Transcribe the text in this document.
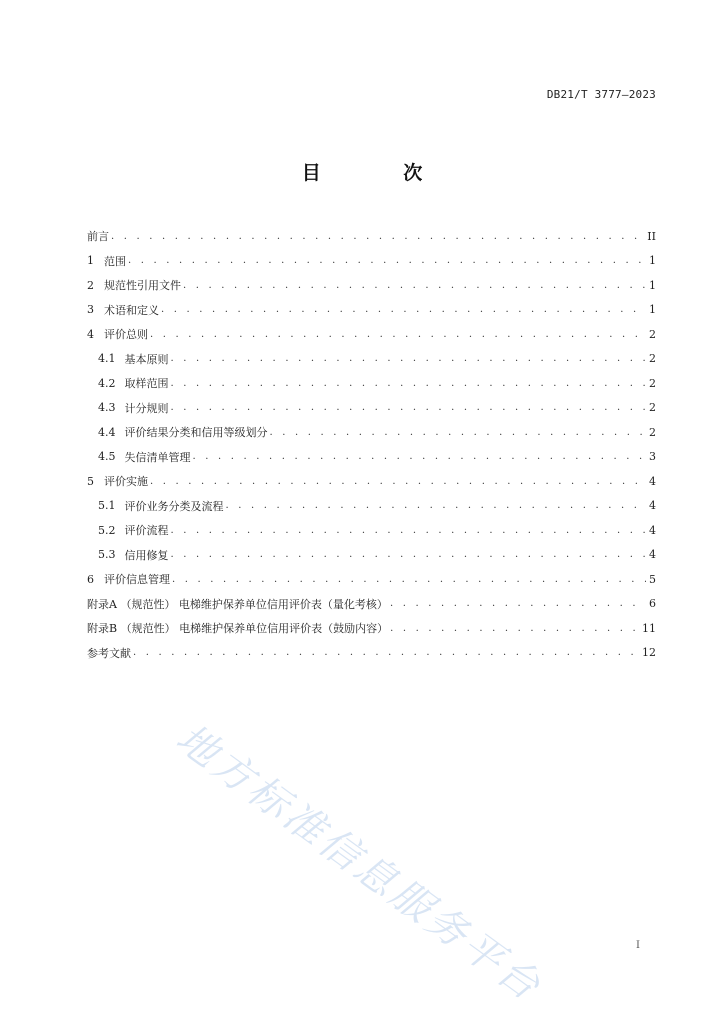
DB21/T 3777—2023
目 次
前言 . . .	II
1 范围 . . .	1
2 规范性引用文件 . . .	1
3 术语和定义 . . .	1
4 评价总则 . . .	2
4.1 基本原则 . . .	2
4.2 取样范围 . . .	2
4.3 计分规则 . . .	2
4.4 评价结果分类和信用等级划分 . . .	2
4.5 失信清单管理 . . .	3
5 评价实施 . . .	4
5.1 评价业务分类及流程 . . .	4
5.2 评价流程 . . .	4
5.3 信用修复 . . .	4
6 评价信息管理 . . .	5
附录A （规范性） 电梯维护保养单位信用评价表（量化考核） . . .	6
附录B （规范性） 电梯维护保养单位信用评价表（鼓励内容） . . .	11
参考文献 . . .	12
地方标准信息服务平台	I
